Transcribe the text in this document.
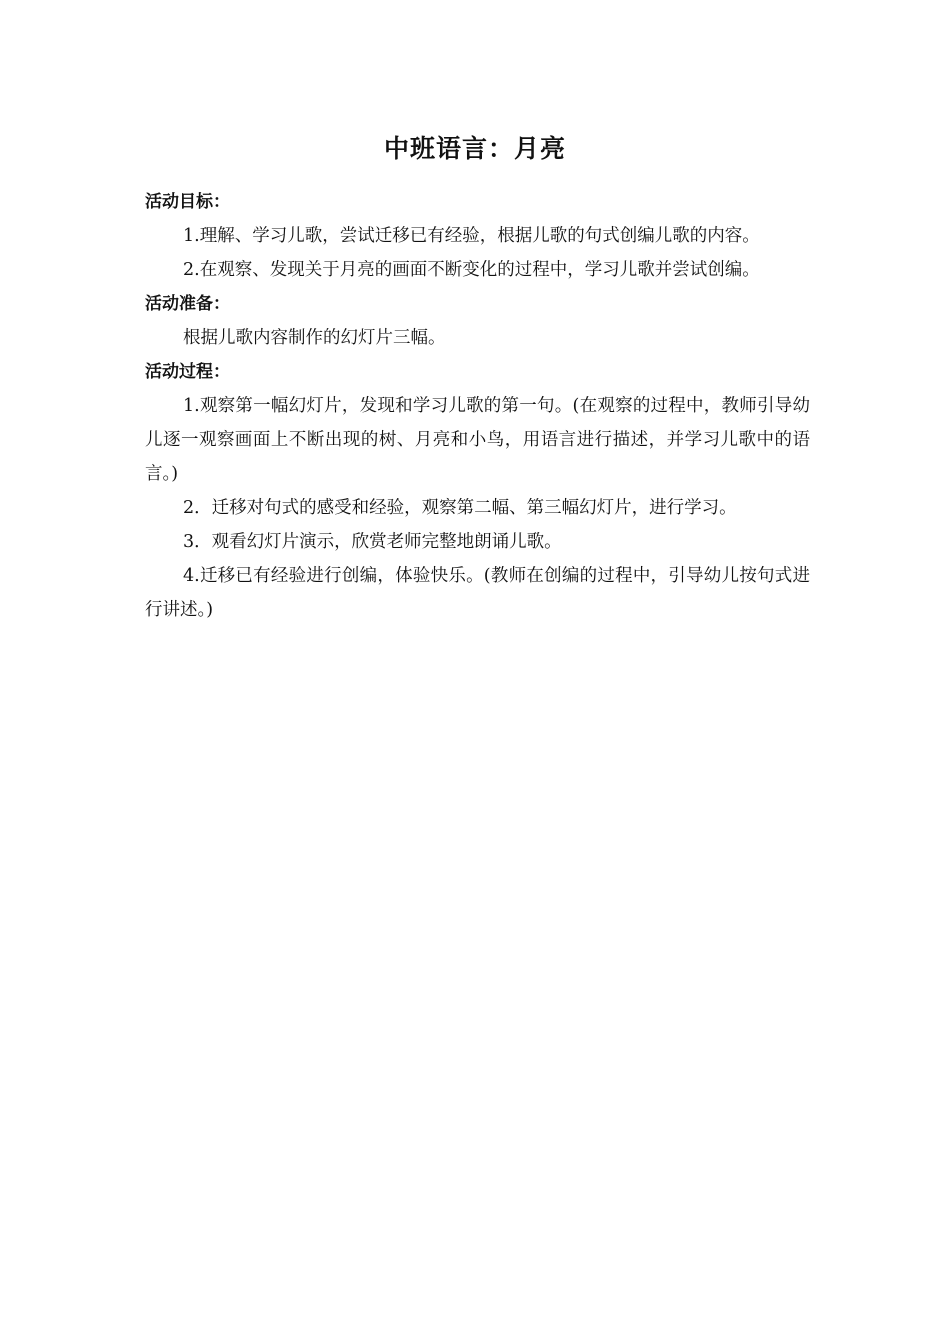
中班语言：月亮

活动目标：

1.理解、学习儿歌，尝试迁移已有经验，根据儿歌的句式创编儿歌的内容。

2.在观察、发现关于月亮的画面不断变化的过程中，学习儿歌并尝试创编。

活动准备：

根据儿歌内容制作的幻灯片三幅。

活动过程：

1.观察第一幅幻灯片，发现和学习儿歌的第一句。(在观察的过程中，教师引导幼儿逐一观察画面上不断出现的树、月亮和小鸟，用语言进行描述，并学习儿歌中的语言。)

2．迁移对句式的感受和经验，观察第二幅、第三幅幻灯片，进行学习。

3．观看幻灯片演示，欣赏老师完整地朗诵儿歌。

4.迁移已有经验进行创编，体验快乐。(教师在创编的过程中，引导幼儿按句式进行讲述。)
